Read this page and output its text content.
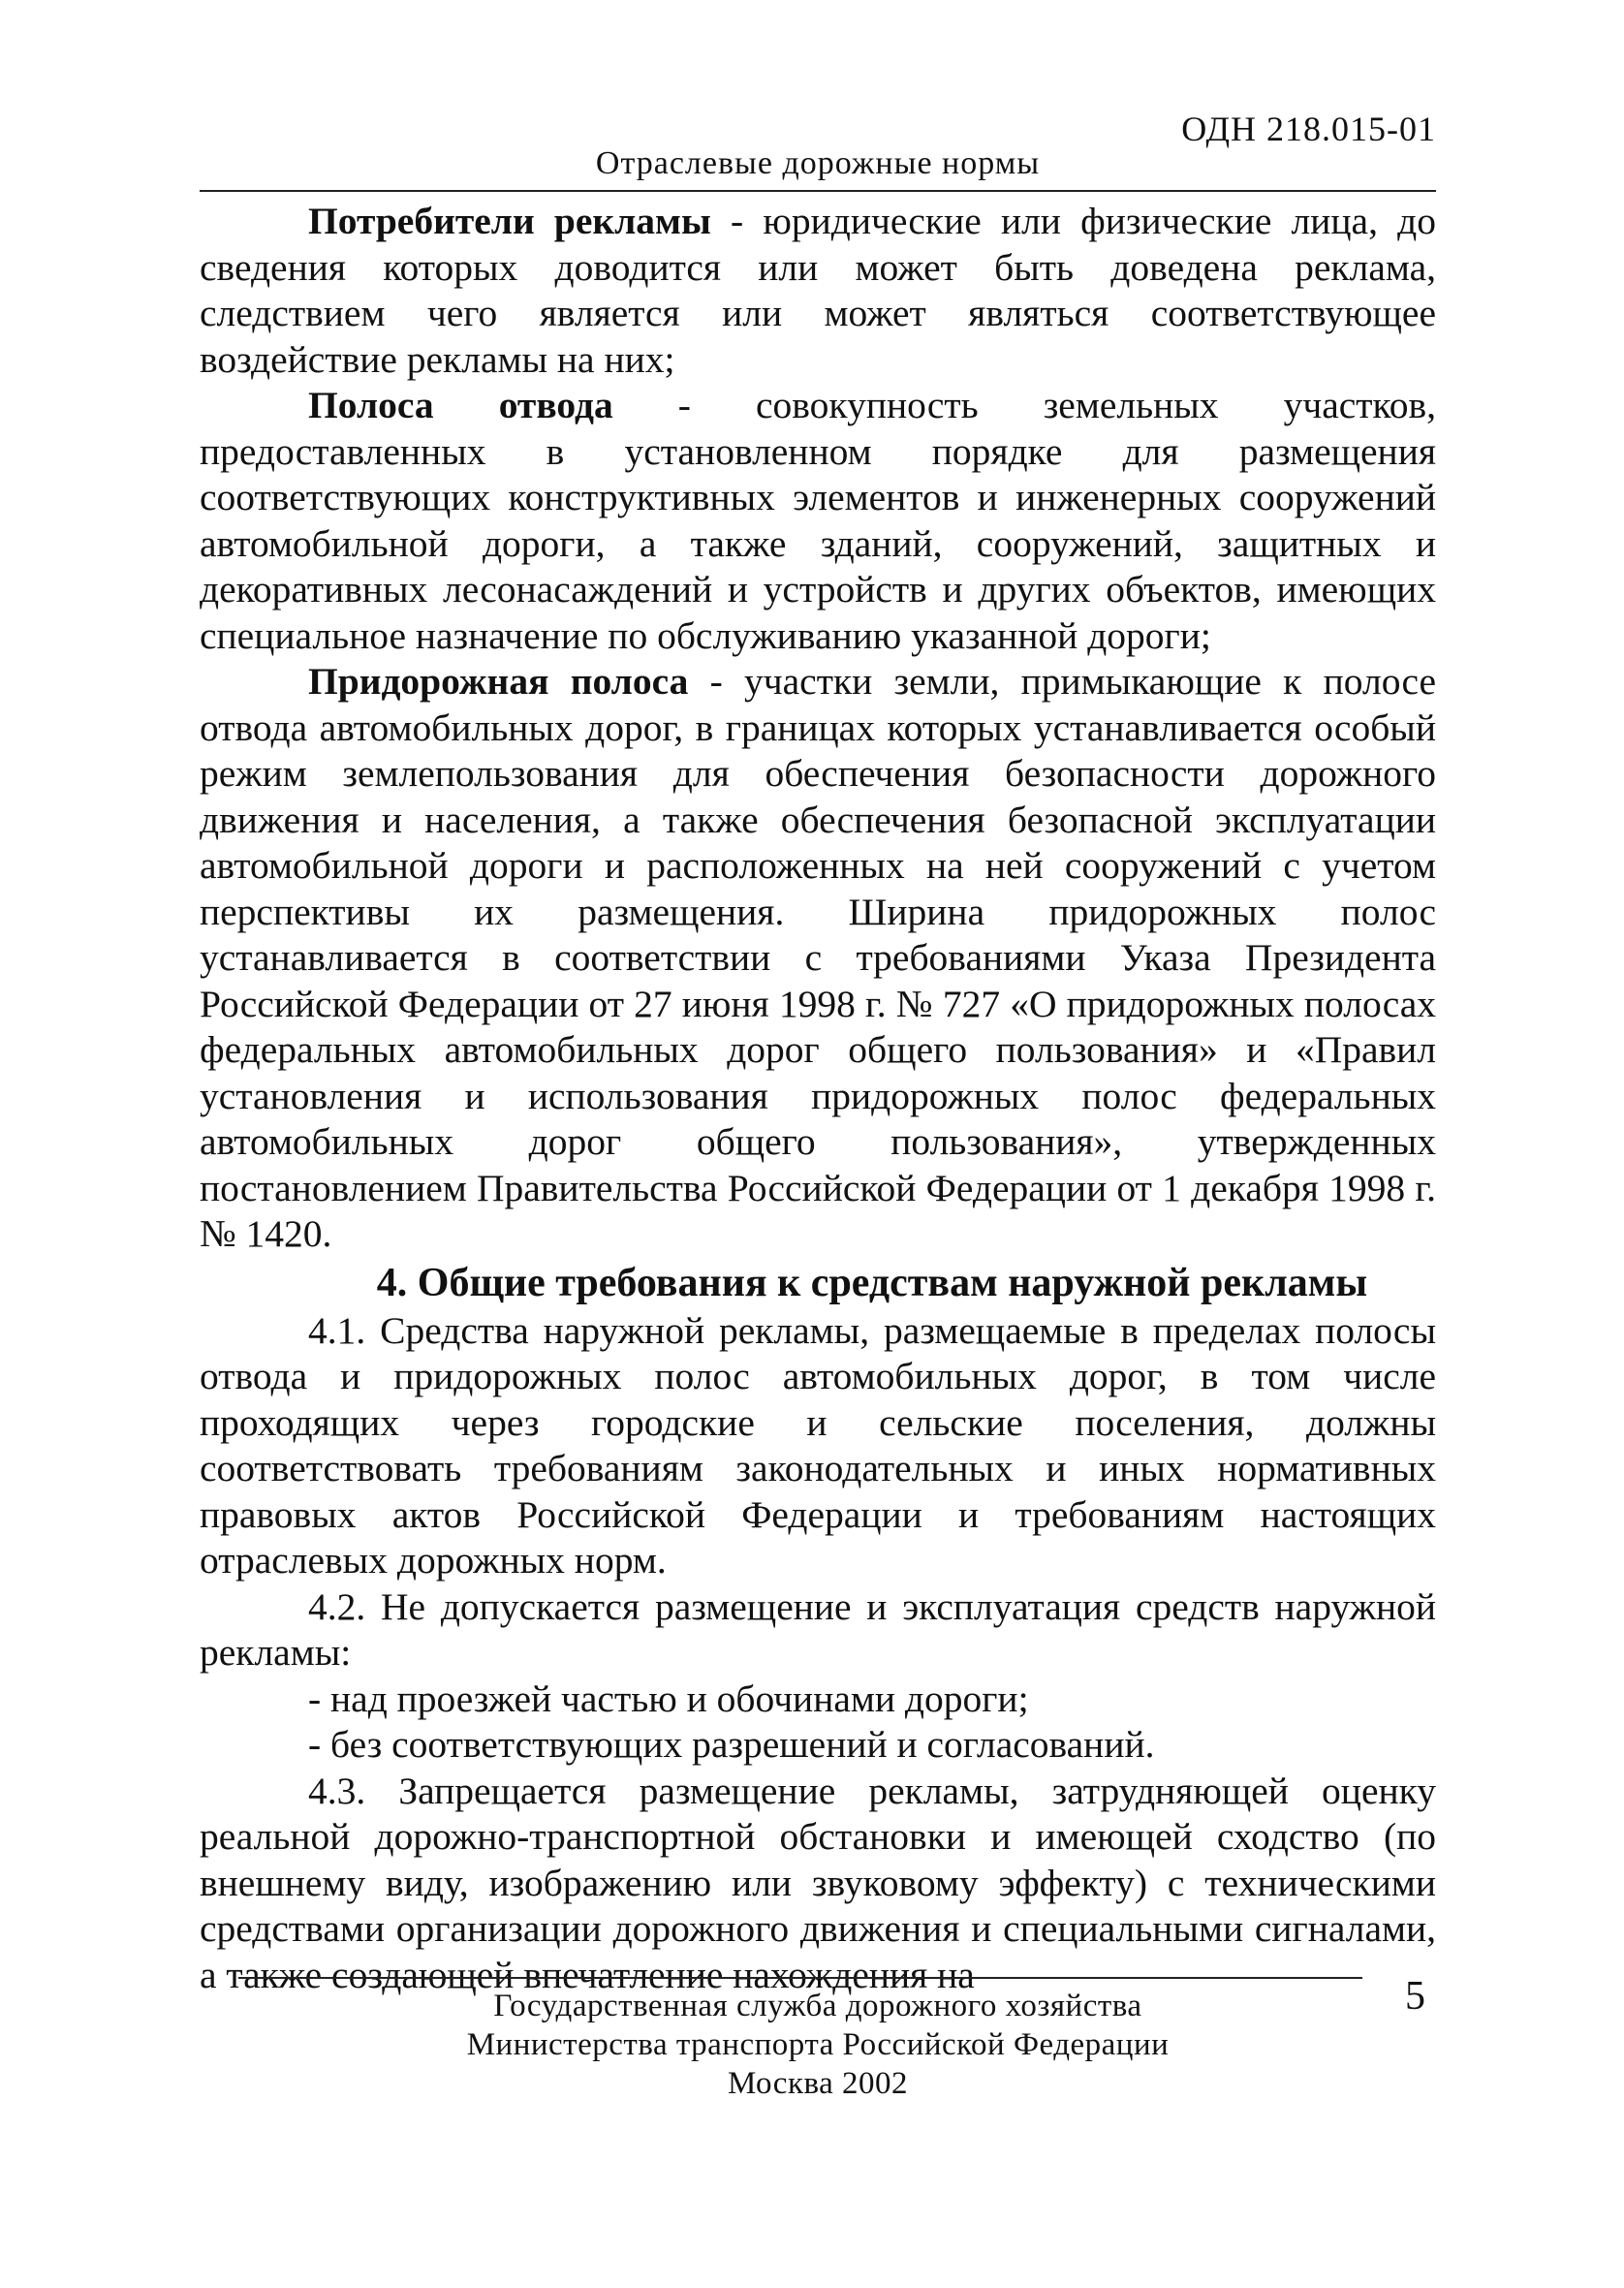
ОДН 218.015-01
Отраслевые дорожные нормы

Потребители рекламы - юридические или физические лица, до сведения которых доводится или может быть доведена реклама, следствием чего является или может являться соответствующее воздействие рекламы на них;

Полоса отвода - совокупность земельных участков, предоставленных в установленном порядке для размещения соответствующих конструктивных элементов и инженерных сооружений автомобильной дороги, а также зданий, сооружений, защитных и декоративных лесонасаждений и устройств и других объектов, имеющих специальное назначение по обслуживанию указанной дороги;

Придорожная полоса - участки земли, примыкающие к полосе отвода автомобильных дорог, в границах которых устанавливается особый режим землепользования для обеспечения безопасности дорожного движения и населения, а также обеспечения безопасной эксплуатации автомобильной дороги и расположенных на ней сооружений с учетом перспективы их размещения. Ширина придорожных полос устанавливается в соответствии с требованиями Указа Президента Российской Федерации от 27 июня 1998 г. № 727 «О придорожных полосах федеральных автомобильных дорог общего пользования» и «Правил установления и использования придорожных полос федеральных автомобильных дорог общего пользования», утвержденных постановлением Правительства Российской Федерации от 1 декабря 1998 г. № 1420.

4. Общие требования к средствам наружной рекламы

4.1. Средства наружной рекламы, размещаемые в пределах полосы отвода и придорожных полос автомобильных дорог, в том числе проходящих через городские и сельские поселения, должны соответствовать требованиям законодательных и иных нормативных правовых актов Российской Федерации и требованиям настоящих отраслевых дорожных норм.

4.2. Не допускается размещение и эксплуатация средств наружной рекламы:

- над проезжей частью и обочинами дороги;

- без соответствующих разрешений и согласований.

4.3. Запрещается размещение рекламы, затрудняющей оценку реальной дорожно-транспортной обстановки и имеющей сходство (по внешнему виду, изображению или звуковому эффекту) с техническими средствами организации дорожного движения и специальными сигналами, а также создающей впечатление нахождения на

Государственная служба дорожного хозяйства
Министерства транспорта Российской Федерации
Москва 2002
5
